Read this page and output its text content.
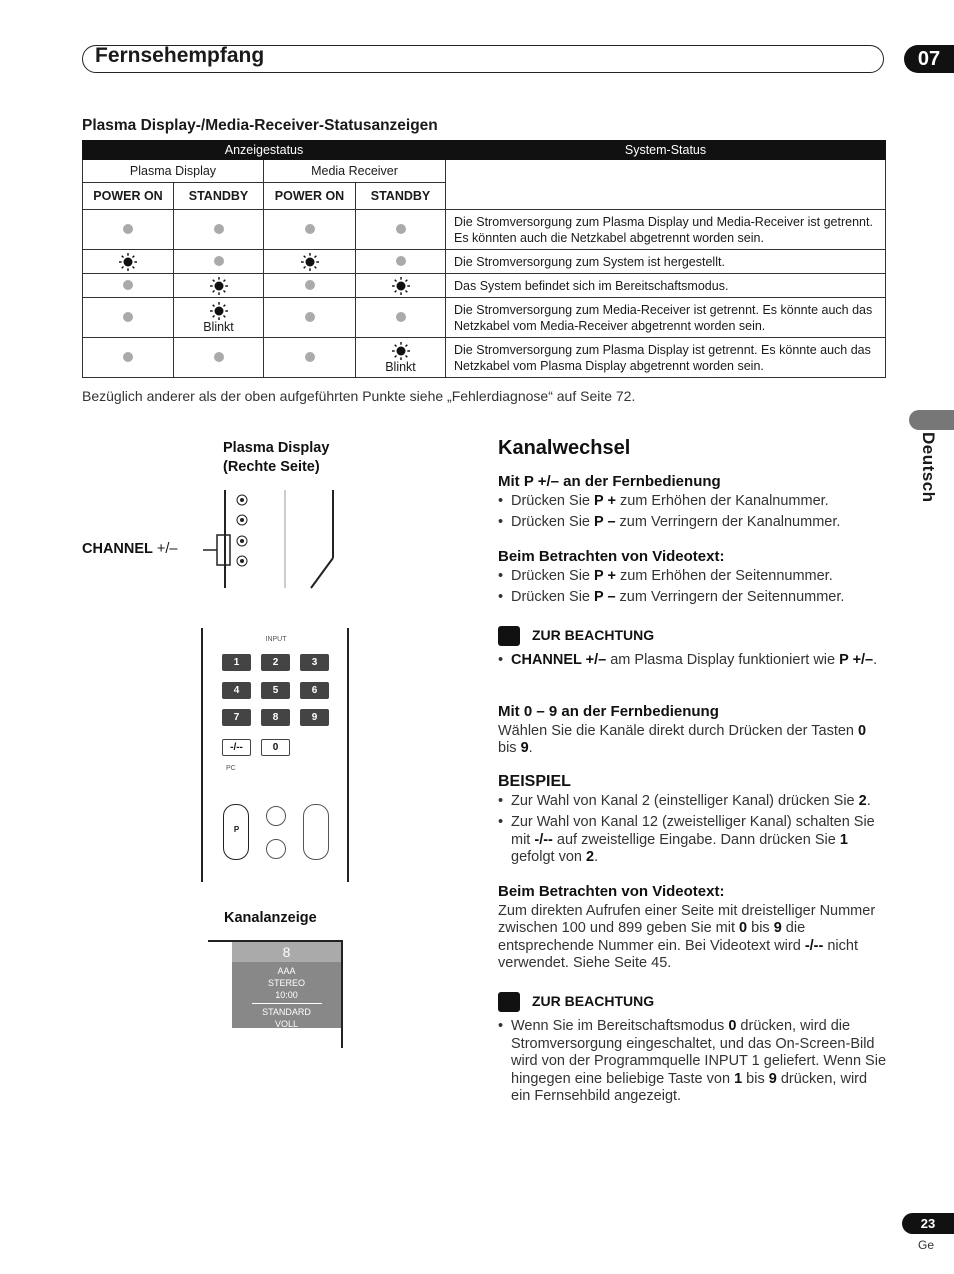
Fernsehempfang	07
Plasma Display-/Media-Receiver-Statusanzeigen
Anzeigestatus				System-Status
Plasma Display		Media Receiver		
POWER ON	STANDBY	POWER ON	STANDBY	
				Die Stromversorgung zum Plasma Display und Media-Receiver ist getrennt. Es könnten auch die Netzkabel abgetrennt worden sein.
				Die Stromversorgung zum System ist hergestellt.
				Das System befindet sich im Bereitschaftsmodus.

	Blinkt			Die Stromversorgung zum Media-Receiver ist getrennt. Es könnte auch das Netzkabel vom Media-Receiver abgetrennt worden sein.

			Blinkt	Die Stromversorgung zum Plasma Display ist getrennt. Es könnte auch das Netzkabel vom Plasma Display abgetrennt worden sein.
Bezüglich anderer als der oben aufgeführten Punkte siehe „Fehlerdiagnose“ auf Seite 72.
Deutsch
Plasma Display
(Rechte Seite)
CHANNEL +/–
INPUT
1	2	3
4	5	6
7	8	9
-/--	0
PC
P
Kanalanzeige
8
AAA
STEREO
10:00
STANDARD
VOLL
Kanalwechsel
Mit P +/– an der Fernbedienung
• Drücken Sie P + zum Erhöhen der Kanalnummer.
• Drücken Sie P – zum Verringern der Kanalnummer.
Beim Betrachten von Videotext:
• Drücken Sie P + zum Erhöhen der Seitennummer.
• Drücken Sie P – zum Verringern der Seitennummer.
ZUR BEACHTUNG
• CHANNEL +/– am Plasma Display funktioniert wie P +/–.
Mit 0 – 9 an der Fernbedienung
Wählen Sie die Kanäle direkt durch Drücken der Tasten 0 bis 9.
BEISPIEL
• Zur Wahl von Kanal 2 (einstelliger Kanal) drücken Sie 2.
• Zur Wahl von Kanal 12 (zweistelliger Kanal) schalten Sie mit -/-- auf zweistellige Eingabe. Dann drücken Sie 1 gefolgt von 2.
Beim Betrachten von Videotext:
Zum direkten Aufrufen einer Seite mit dreistelliger Nummer zwischen 100 und 899 geben Sie mit 0 bis 9 die entsprechende Nummer ein. Bei Videotext wird -/-- nicht verwendet. Siehe Seite 45.
ZUR BEACHTUNG
• Wenn Sie im Bereitschaftsmodus 0 drücken, wird die Stromversorgung eingeschaltet, und das On-Screen-Bild wird von der Programmquelle INPUT 1 geliefert. Wenn Sie hingegen eine beliebige Taste von 1 bis 9 drücken, wird ein Fernsehbild angezeigt.
23
Ge
